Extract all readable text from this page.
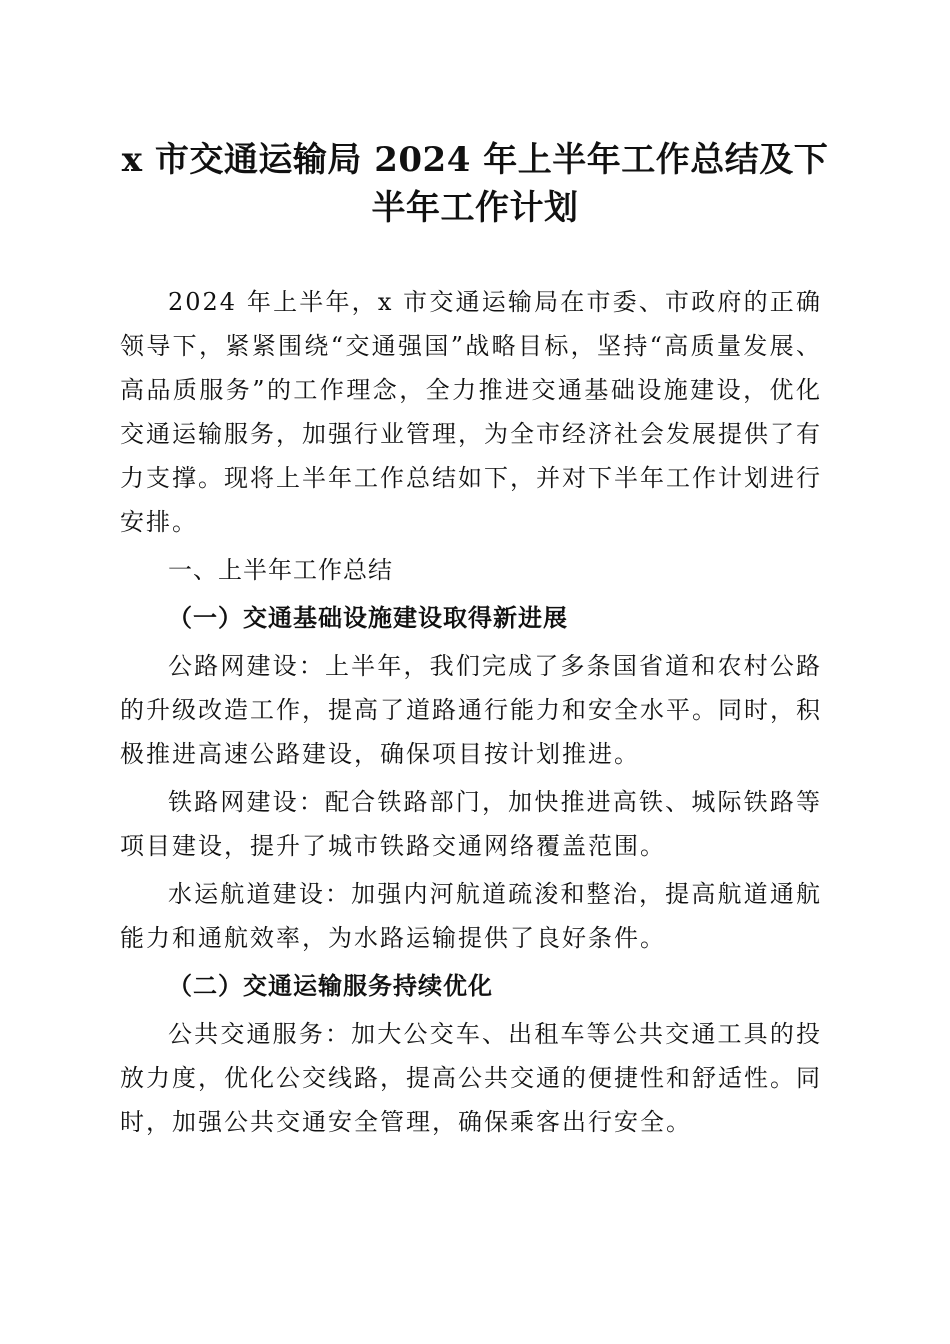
x 市交通运输局 2024 年上半年工作总结及下半年工作计划

2024 年上半年，x 市交通运输局在市委、市政府的正确领导下，紧紧围绕“交通强国”战略目标，坚持“高质量发展、高品质服务”的工作理念，全力推进交通基础设施建设，优化交通运输服务，加强行业管理，为全市经济社会发展提供了有力支撑。现将上半年工作总结如下，并对下半年工作计划进行安排。

一、上半年工作总结

（一）交通基础设施建设取得新进展

公路网建设：上半年，我们完成了多条国省道和农村公路的升级改造工作，提高了道路通行能力和安全水平。同时，积极推进高速公路建设，确保项目按计划推进。

铁路网建设：配合铁路部门，加快推进高铁、城际铁路等项目建设，提升了城市铁路交通网络覆盖范围。

水运航道建设：加强内河航道疏浚和整治，提高航道通航能力和通航效率，为水路运输提供了良好条件。

（二）交通运输服务持续优化

公共交通服务：加大公交车、出租车等公共交通工具的投放力度，优化公交线路，提高公共交通的便捷性和舒适性。同时，加强公共交通安全管理，确保乘客出行安全。
